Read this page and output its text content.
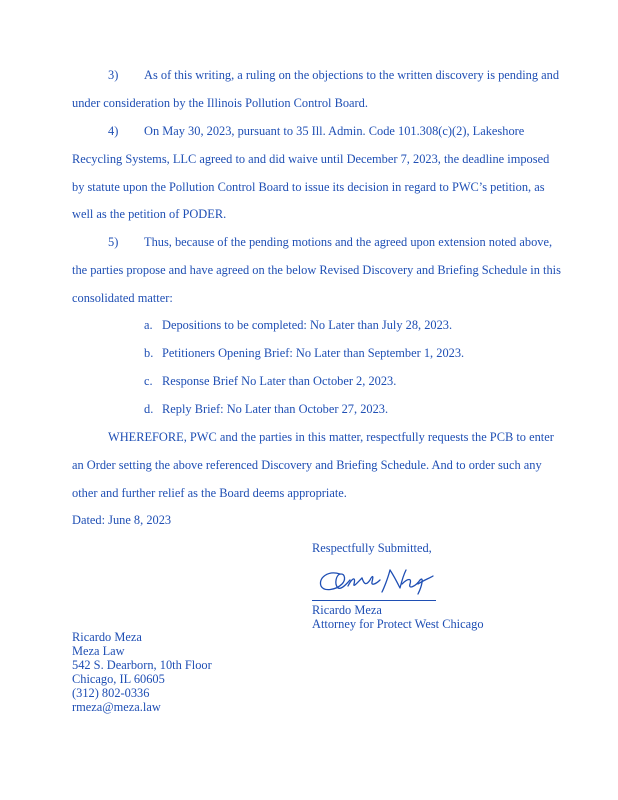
3) As of this writing, a ruling on the objections to the written discovery is pending and
under consideration by the Illinois Pollution Control Board.
4) On May 30, 2023, pursuant to 35 Ill. Admin. Code 101.308(c)(2), Lakeshore
Recycling Systems, LLC agreed to and did waive until December 7, 2023, the deadline imposed
by statute upon the Pollution Control Board to issue its decision in regard to PWC’s petition, as
well as the petition of PODER.
5) Thus, because of the pending motions and the agreed upon extension noted above,
the parties propose and have agreed on the below Revised Discovery and Briefing Schedule in this
consolidated matter:
a. Depositions to be completed: No Later than July 28, 2023.
b. Petitioners Opening Brief: No Later than September 1, 2023.
c. Response Brief No Later than October 2, 2023.
d. Reply Brief: No Later than October 27, 2023.
WHEREFORE, PWC and the parties in this matter, respectfully requests the PCB to enter
an Order setting the above referenced Discovery and Briefing Schedule. And to order such any
other and further relief as the Board deems appropriate.
Dated: June 8, 2023
Respectfully Submitted,
Ricardo Meza
Attorney for Protect West Chicago
Ricardo Meza
Meza Law
542 S. Dearborn, 10th Floor
Chicago, IL 60605
(312) 802-0336
rmeza@meza.law
